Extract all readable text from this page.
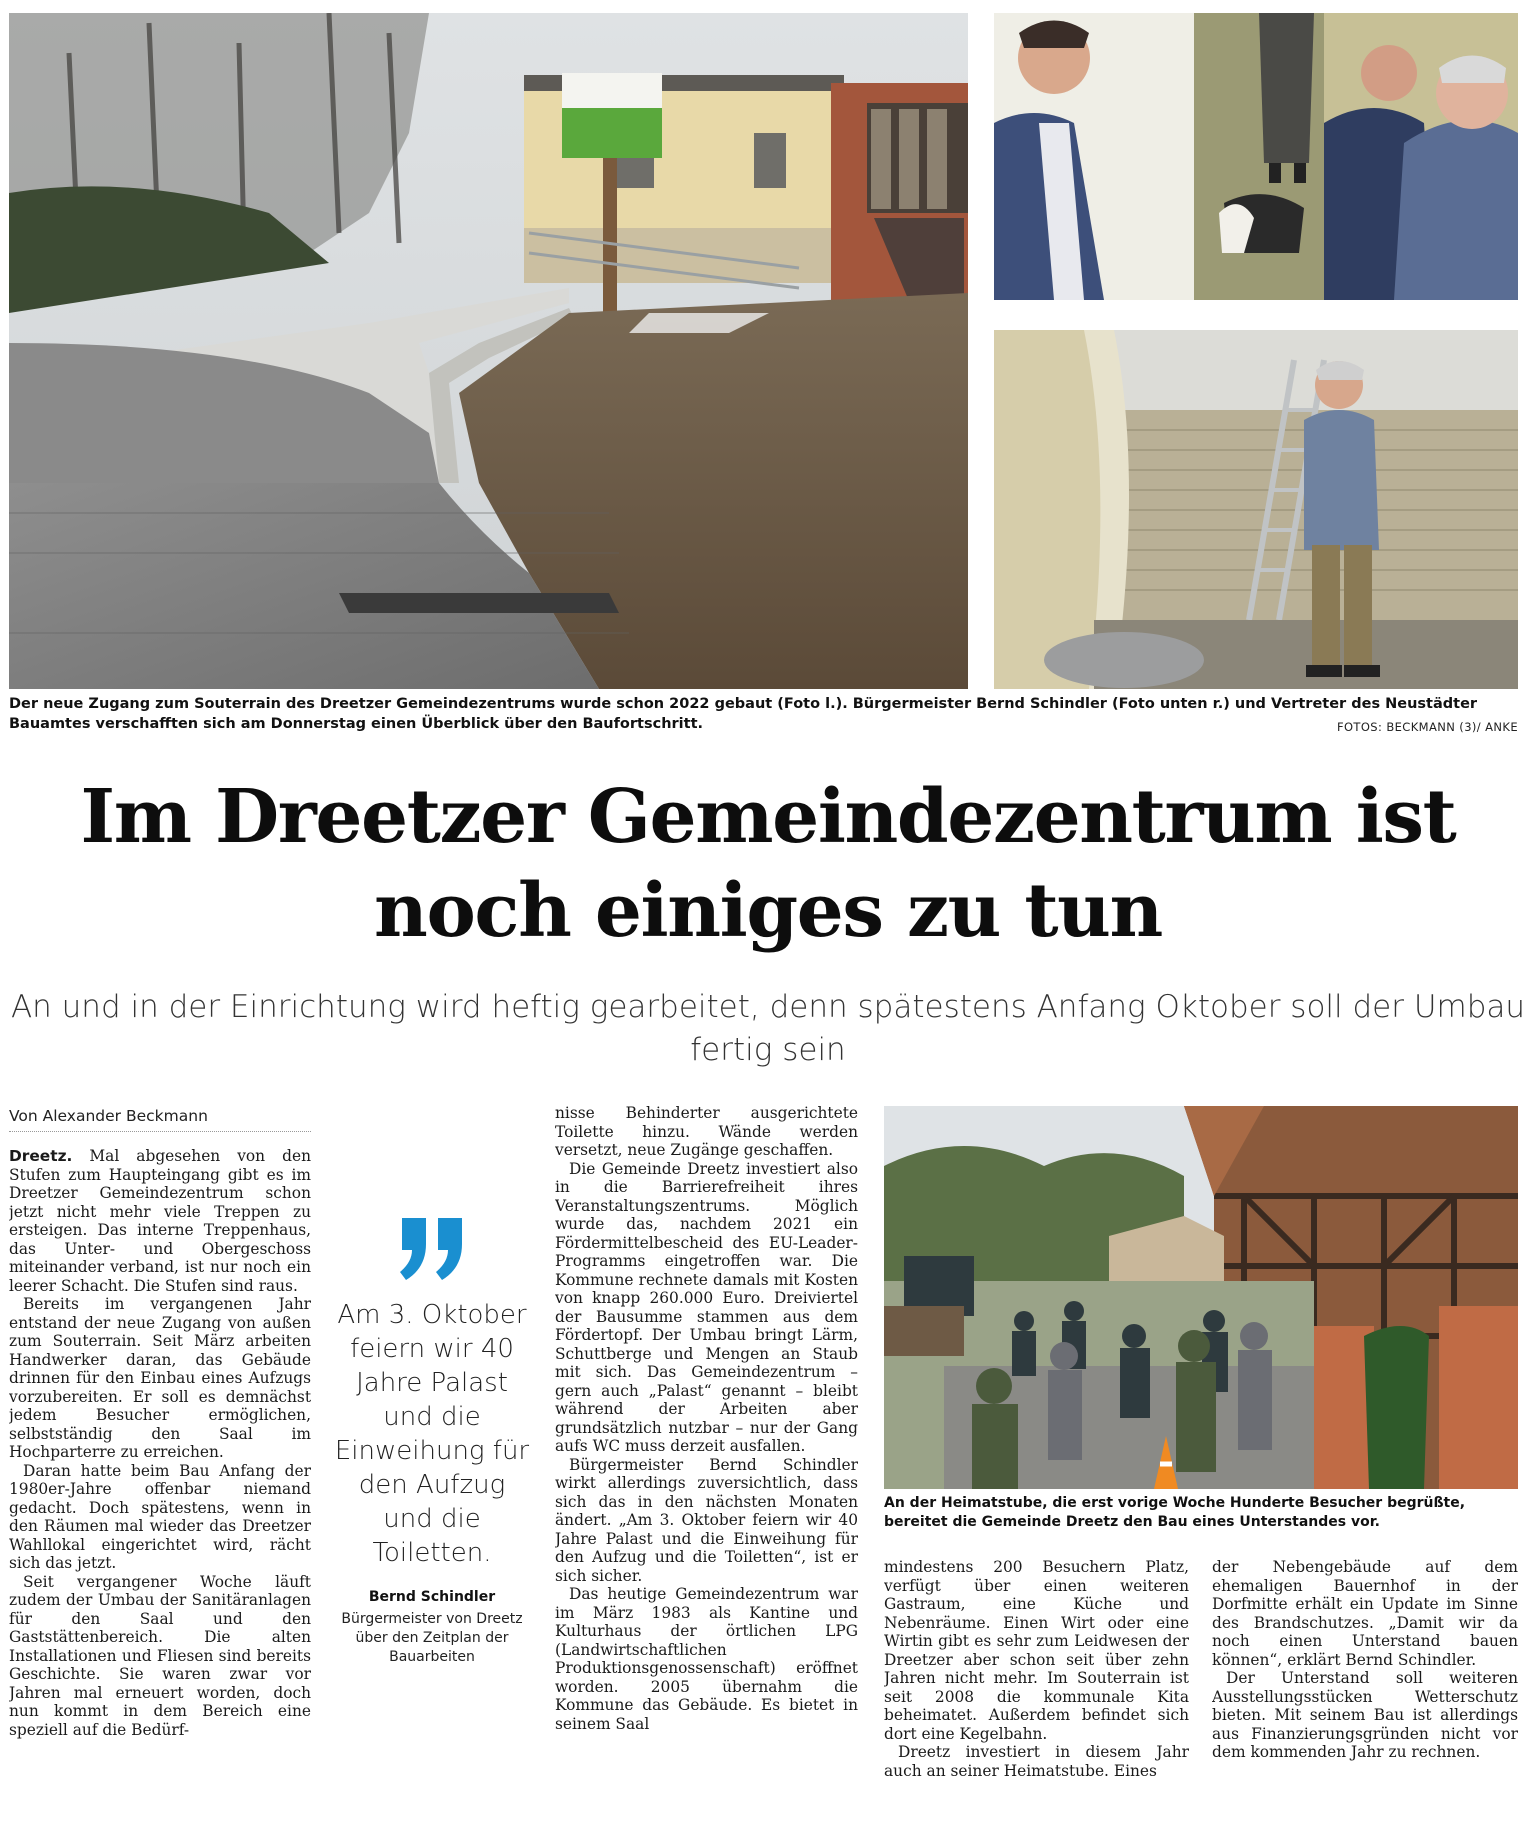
Der neue Zugang zum Souterrain des Dreetzer Gemeindezentrums wurde schon 2022 gebaut (Foto l.). Bürgermeister Bernd Schindler (Foto unten r.) und Vertreter des Neustädter Bauamtes verschafften sich am Donnerstag einen Überblick über den Baufortschritt.	FOTOS: BECKMANN (3)/ ANKE
Im Dreetzer Gemeindezentrum ist noch einiges zu tun
An und in der Einrichtung wird heftig gearbeitet, denn spätestens Anfang Oktober soll der Umbau fertig sein
Von Alexander Beckmann

Dreetz. Mal abgesehen von den Stufen zum Haupteingang gibt es im Dreetzer Gemeindezentrum schon jetzt nicht mehr viele Treppen zu ersteigen. Das interne Treppenhaus, das Unter- und Obergeschoss miteinander verband, ist nur noch ein leerer Schacht. Die Stufen sind raus.

Bereits im vergangenen Jahr entstand der neue Zugang von außen zum Souterrain. Seit März arbeiten Handwerker daran, das Gebäude drinnen für den Einbau eines Aufzugs vorzubereiten. Er soll es demnächst jedem Besucher ermöglichen, selbstständig den Saal im Hochparterre zu erreichen.

Daran hatte beim Bau Anfang der 1980er-Jahre offenbar niemand gedacht. Doch spätestens, wenn in den Räumen mal wieder das Dreetzer Wahllokal eingerichtet wird, rächt sich das jetzt.

Seit vergangener Woche läuft zudem der Umbau der Sanitäranlagen für den Saal und den Gaststättenbereich. Die alten Installationen und Fliesen sind bereits Geschichte. Sie waren zwar vor Jahren mal erneuert worden, doch nun kommt in dem Bereich eine speziell auf die Bedürf-

Am 3. Oktober feiern wir 40 Jahre Palast und die Einweihung für den Aufzug und die Toiletten.
Bernd Schindler
Bürgermeister von Dreetz über den Zeitplan der Bauarbeiten

nisse Behinderter ausgerichtete Toilette hinzu. Wände werden versetzt, neue Zugänge geschaffen.

Die Gemeinde Dreetz investiert also in die Barrierefreiheit ihres Veranstaltungszentrums. Möglich wurde das, nachdem 2021 ein Fördermittelbescheid des EU-Leader-Programms eingetroffen war. Die Kommune rechnete damals mit Kosten von knapp 260.000 Euro. Dreiviertel der Bausumme stammen aus dem Fördertopf. Der Umbau bringt Lärm, Schuttberge und Mengen an Staub mit sich. Das Gemeindezentrum – gern auch „Palast“ genannt – bleibt während der Arbeiten aber grundsätzlich nutzbar – nur der Gang aufs WC muss derzeit ausfallen.

Bürgermeister Bernd Schindler wirkt allerdings zuversichtlich, dass sich das in den nächsten Monaten ändert. „Am 3. Oktober feiern wir 40 Jahre Palast und die Einweihung für den Aufzug und die Toiletten“, ist er sich sicher.

Das heutige Gemeindezentrum war im März 1983 als Kantine und Kulturhaus der örtlichen LPG (Landwirtschaftlichen Produktionsgenossenschaft) eröffnet worden. 2005 übernahm die Kommune das Gebäude. Es bietet in seinem Saal

An der Heimatstube, die erst vorige Woche Hunderte Besucher begrüßte, bereitet die Gemeinde Dreetz den Bau eines Unterstandes vor.

mindestens 200 Besuchern Platz, verfügt über einen weiteren Gastraum, eine Küche und Nebenräume. Einen Wirt oder eine Wirtin gibt es sehr zum Leidwesen der Dreetzer aber schon seit über zehn Jahren nicht mehr. Im Souterrain ist seit 2008 die kommunale Kita beheimatet. Außerdem befindet sich dort eine Kegelbahn.

Dreetz investiert in diesem Jahr auch an seiner Heimatstube. Eines

der Nebengebäude auf dem ehemaligen Bauernhof in der Dorfmitte erhält ein Update im Sinne des Brandschutzes. „Damit wir da noch einen Unterstand bauen können“, erklärt Bernd Schindler.

Der Unterstand soll weiteren Ausstellungsstücken Wetterschutz bieten. Mit seinem Bau ist allerdings aus Finanzierungsgründen nicht vor dem kommenden Jahr zu rechnen.
